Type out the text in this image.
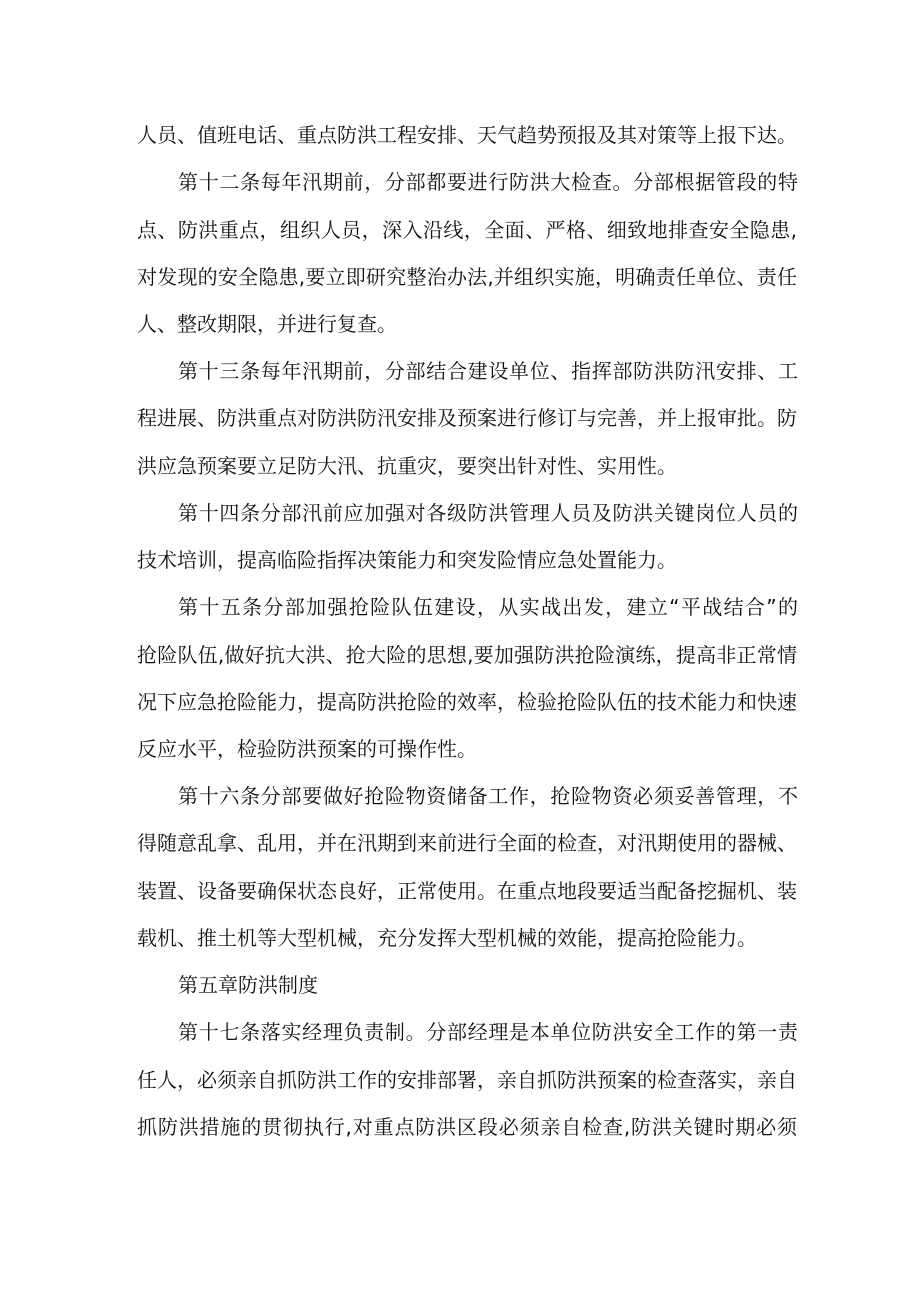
人员、值班电话、重点防洪工程安排、天气趋势预报及其对策等上报下达。
第十二条每年汛期前，分部都要进行防洪大检查。分部根据管段的特
点、防洪重点，组织人员，深入沿线，全面、严格、细致地排查安全隐患,
对发现的安全隐患,要立即研究整治办法,并组织实施，明确责任单位、责任
人、整改期限，并进行复查。
第十三条每年汛期前，分部结合建设单位、指挥部防洪防汛安排、工
程进展、防洪重点对防洪防汛安排及预案进行修订与完善，并上报审批。防
洪应急预案要立足防大汛、抗重灾，要突出针对性、实用性。
第十四条分部汛前应加强对各级防洪管理人员及防洪关键岗位人员的
技术培训，提高临险指挥决策能力和突发险情应急处置能力。
第十五条分部加强抢险队伍建设，从实战出发，建立“平战结合”的
抢险队伍,做好抗大洪、抢大险的思想,要加强防洪抢险演练，提高非正常情
况下应急抢险能力，提高防洪抢险的效率，检验抢险队伍的技术能力和快速
反应水平，检验防洪预案的可操作性。
第十六条分部要做好抢险物资储备工作，抢险物资必须妥善管理，不
得随意乱拿、乱用，并在汛期到来前进行全面的检查，对汛期使用的器械、
装置、设备要确保状态良好，正常使用。在重点地段要适当配备挖掘机、装
载机、推土机等大型机械，充分发挥大型机械的效能，提高抢险能力。
第五章防洪制度
第十七条落实经理负责制。分部经理是本单位防洪安全工作的第一责
任人，必须亲自抓防洪工作的安排部署，亲自抓防洪预案的检查落实，亲自
抓防洪措施的贯彻执行,对重点防洪区段必须亲自检查,防洪关键时期必须
